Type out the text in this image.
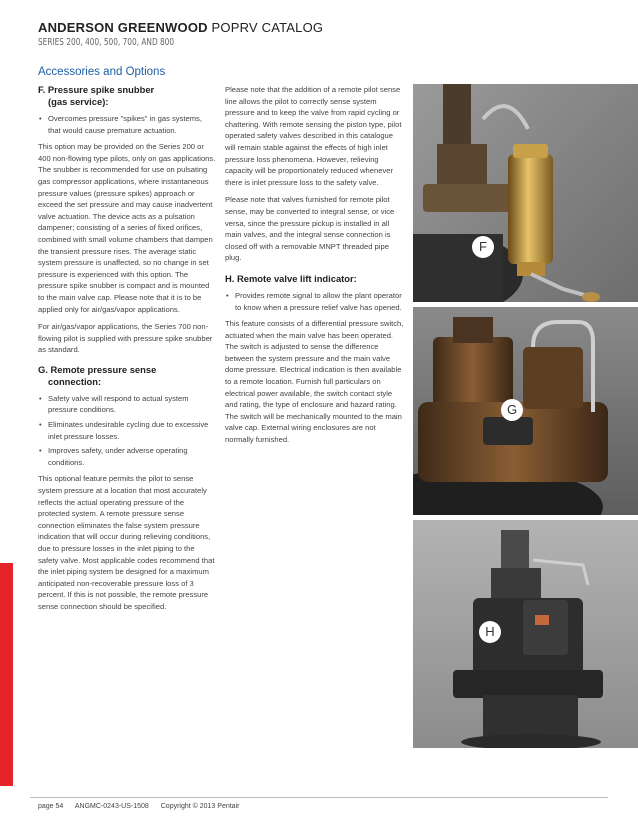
ANDERSON GREENWOOD POPRV CATALOG
SERIES 200, 400, 500, 700, AND 800
Accessories and Options
F. Pressure spike snubber
(gas service):
• Overcomes pressure "spikes" in gas systems, that would cause premature actuation.

This option may be provided on the Series 200 or 400 non-flowing type pilots, only on gas applications. The snubber is recommended for use on pulsating gas compressor applications, where instantaneous pressure values (pressure spikes) approach or exceed the set pressure and may cause inadvertent valve actuation. The device acts as a pulsation dampener; consisting of a series of fixed orifices, combined with small volume chambers that dampen the transient pressure rises. The average static system pressure is unaffected, so no change in set pressure is experienced with this option. The pressure spike snubber is compact and is mounted to the main valve cap. Please note that it is to be applied only for air/gas/vapor applications.

For air/gas/vapor applications, the Series 700 non-flowing pilot is supplied with pressure spike snubber as standard.

G. Remote pressure sense
connection:
• Safety valve will respond to actual system pressure conditions.
• Eliminates undesirable cycling due to excessive inlet pressure losses.
• Improves safety, under adverse operating conditions.

This optional feature permits the pilot to sense system pressure at a location that most accurately reflects the actual operating pressure of the protected system. A remote pressure sense connection eliminates the false system pressure indication that will occur during relieving conditions, due to pressure losses in the inlet piping to the safety valve. Most applicable codes recommend that the inlet piping system be designed for a maximum anticipated non-recoverable pressure loss of 3 percent. If this is not possible, the remote pressure sense connection should be specified.

Please note that the addition of a remote pilot sense line allows the pilot to correctly sense system pressure and to keep the valve from rapid cycling or chattering. With remote sensing the piston type, pilot operated safety valves described in this catalogue will remain stable against the effects of high inlet pressure loss phenomena. However, relieving capacity will be proportionately reduced whenever there is inlet pressure loss to the safety valve.

Please note that valves furnished for remote pilot sense, may be converted to integral sense, or vice versa, since the pressure pickup is installed in all main valves, and the integral sense connection is closed off with a removable MNPT threaded pipe plug.

H. Remote valve lift indicator:
• Provides remote signal to allow the plant operator to know when a pressure relief valve has opened.

This feature consists of a differential pressure switch, actuated when the main valve has been operated. The switch is adjusted to sense the difference between the system pressure and the main valve dome pressure. Electrical indication is then available to a remote location. Furnish full particulars on electrical power available, the switch contact style and rating, the type of enclosure and hazard rating. The switch will be mechanically mounted to the main valve cap. External wiring enclosures are not normally furnished.

F
G
H
page 54 ANGMC-0243-US-1508 Copyright © 2013 Pentair
